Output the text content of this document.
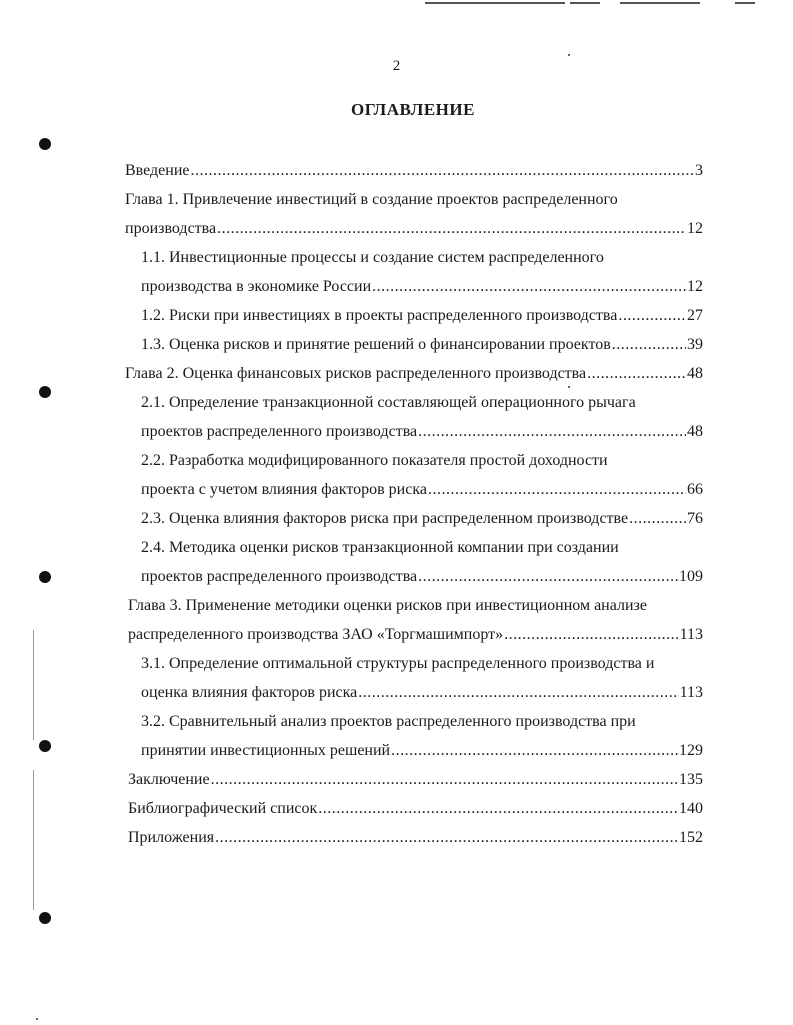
2
ОГЛАВЛЕНИЕ
Введение .....	3
Глава 1. Привлечение инвестиций в создание проектов распределенного
производства .....	12
1.1. Инвестиционные процессы и создание систем распределенного
производства в экономике России .....	12
1.2. Риски при инвестициях в проекты распределенного производства .....	27
1.3. Оценка рисков и принятие решений о финансировании проектов .....	39
Глава 2. Оценка финансовых рисков распределенного производства .....	48
2.1. Определение транзакционной составляющей операционного рычага
проектов распределенного производства .....	48
2.2. Разработка модифицированного показателя простой доходности
проекта с учетом влияния факторов риска .....	66
2.3. Оценка влияния факторов риска при распределенном производстве .....	76
2.4. Методика оценки рисков транзакционной компании при создании
проектов распределенного производства .....	109
Глава 3. Применение методики оценки рисков при инвестиционном анализе
распределенного производства ЗАО «Торгмашимпорт» .....	113
3.1. Определение оптимальной структуры распределенного производства и
оценка влияния факторов риска .....	113
3.2. Сравнительный анализ проектов распределенного производства при
принятии инвестиционных решений .....	129
Заключение .....	135
Библиографический список .....	140
Приложения .....	152
